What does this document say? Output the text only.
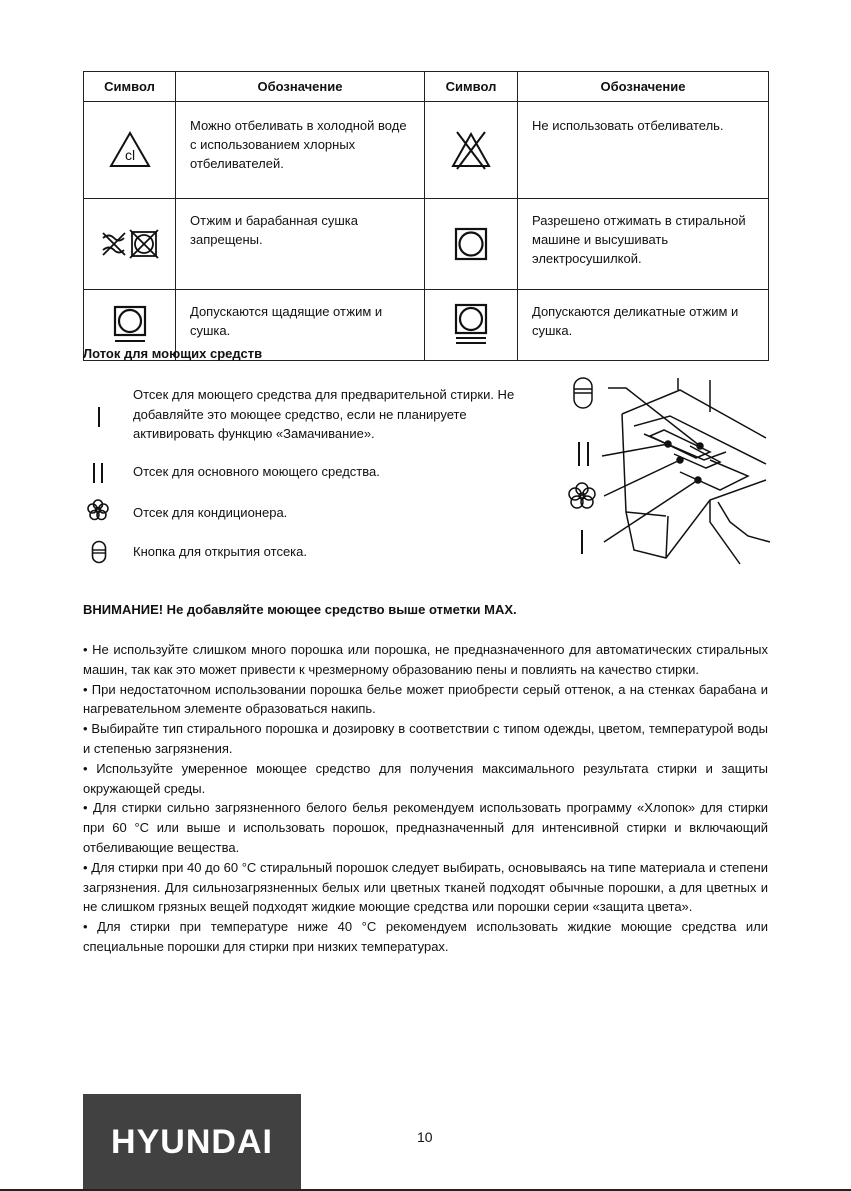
Символ	Обозначение	Символ	Обозначение

cl	Можно отбеливать в холодной воде с использованием хлорных отбеливателей.		Не использовать отбеливатель.

	Отжим и барабанная сушка запрещены.		Разрешено отжимать в стиральной машине и высушивать электросушилкой.

	Допускаются щадящие отжим и сушка.		Допускаются деликатные отжим и сушка.
Лоток для моющих средств
Отсек для моющего средства для предварительной стирки. Не добавляйте это моющее средство, если не планируете активировать функцию «Замачивание».
Отсек для основного моющего средства.
Отсек для кондиционера.
Кнопка для открытия отсека.
ВНИМАНИЕ! Не добавляйте моющее средство выше отметки MAX.

• Не используйте слишком много порошка или порошка, не предназначенного для автоматических стиральных машин, так как это может привести к чрезмерному образованию пены и повлиять на качество стирки.

• При недостаточном использовании порошка белье может приобрести серый оттенок, а на стенках барабана и нагревательном элементе образоваться накипь.

• Выбирайте тип стирального порошка и дозировку в соответствии с типом одежды, цветом, температурой воды и степенью загрязнения.

• Используйте умеренное моющее средство для получения максимального результата стирки и защиты окружающей среды.

• Для стирки сильно загрязненного белого белья рекомендуем использовать программу «Хлопок» для стирки при 60 °C или выше и использовать порошок, предназначенный для интенсивной стирки и включающий отбеливающие вещества.

• Для стирки при 40 до 60 °C стиральный порошок следует выбирать, основываясь на типе материала и степени загрязнения. Для сильнозагрязненных белых или цветных тканей подходят обычные порошки, а для цветных и не слишком грязных вещей подходят жидкие моющие средства или порошки серии «защита цвета».

• Для стирки при температуре ниже 40 °C рекомендуем использовать жидкие моющие средства или специальные порошки для стирки при низких температурах.

HYUNDAI	10
